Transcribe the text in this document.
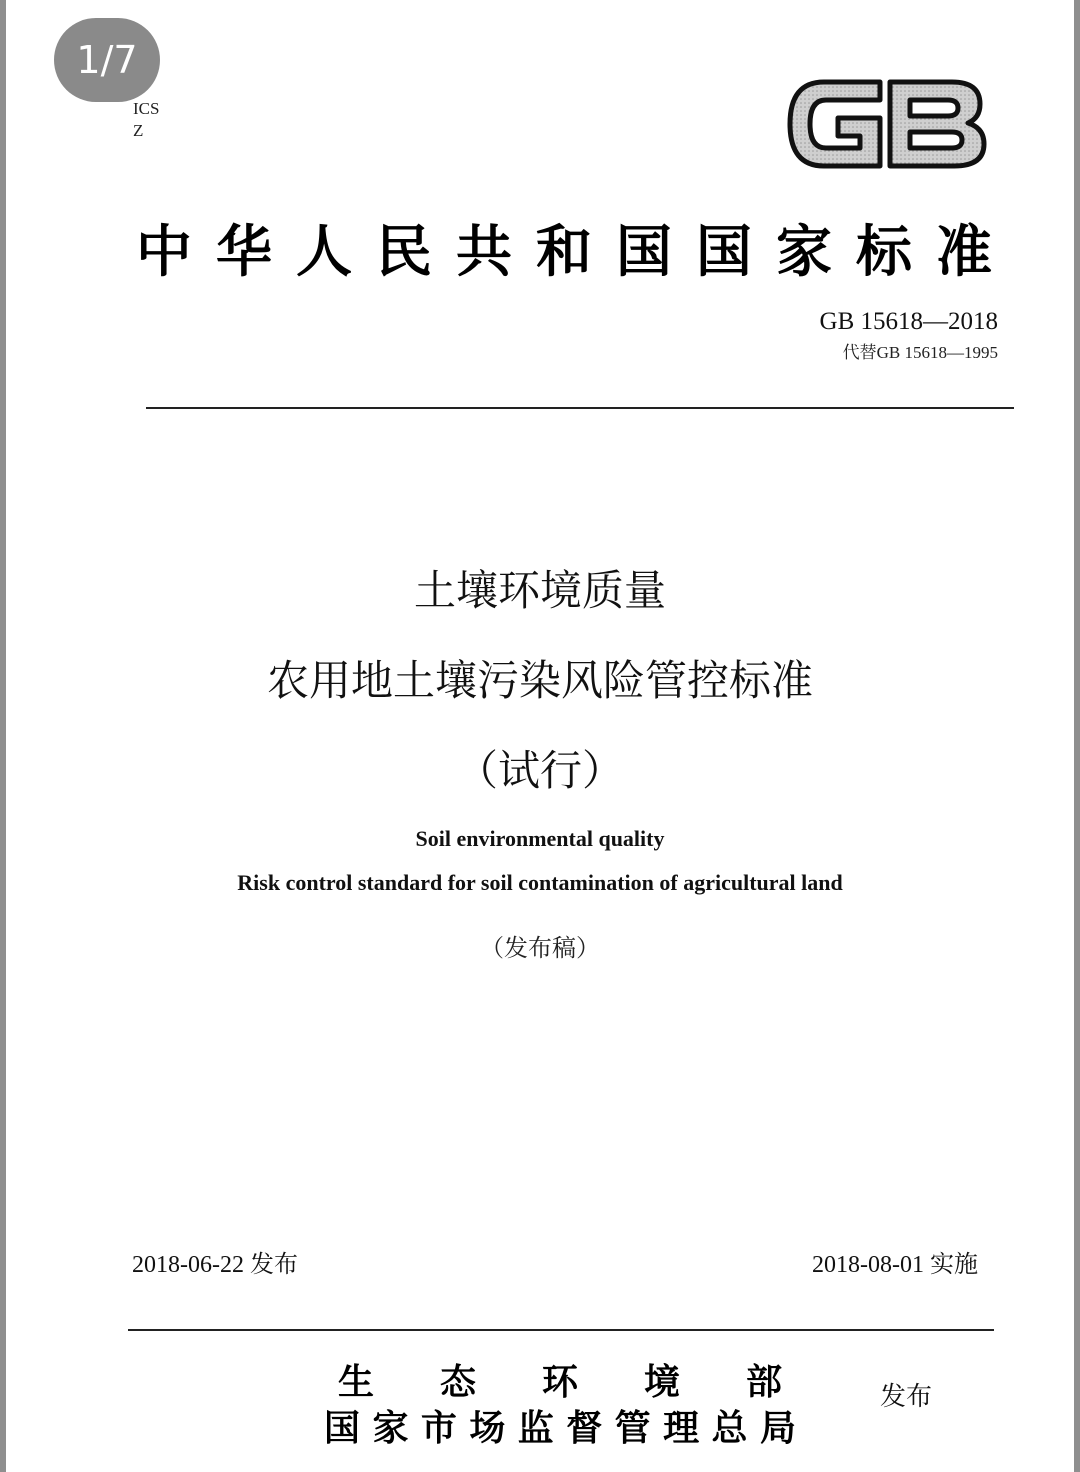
1/7
ICS
Z
中华人民共和国国家标准
GB 15618—2018
代替GB 15618—1995
土壤环境质量
农用地土壤污染风险管控标准
（试行）
Soil environmental quality
Risk control standard for soil contamination of agricultural land
（发布稿）
2018-06-22 发布	2018-08-01 实施
生态环境部
国家市场监督管理总局
发布
